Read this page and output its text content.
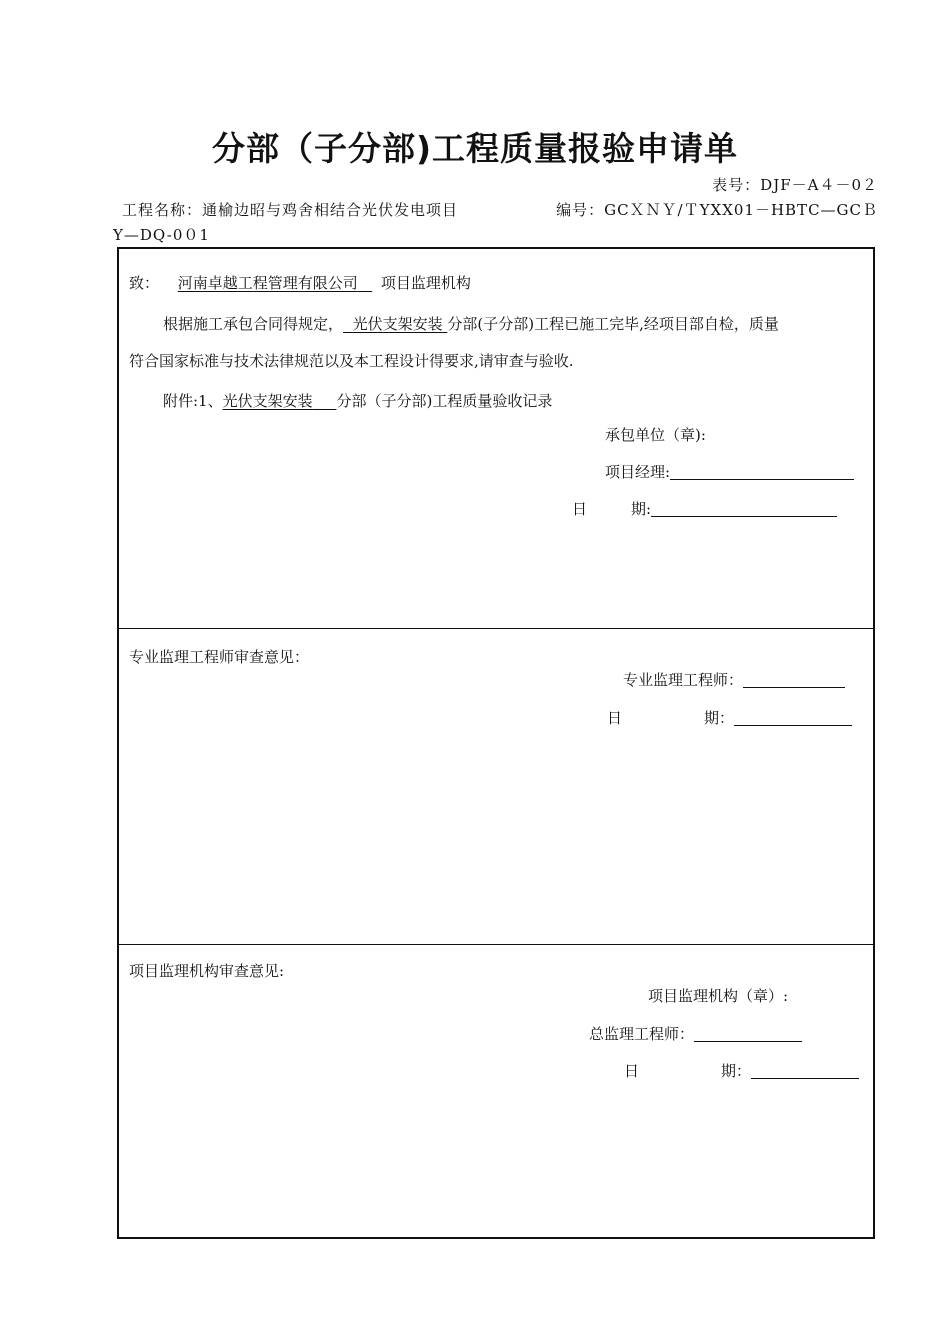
分部（子分部)工程质量报验申请单
表号：DJF－A４－0２
工程名称：通榆边昭与鸡舍相结合光伏发电项目	编号：GCＸＮＹ/ＴYXX01－HBTC—GCＢ
Y—DQ-0０1
致： 河南卓越工程管理有限公司 项目监理机构
根据施工承包合同得规定， 光伏支架安装 分部(子分部)工程已施工完毕,经项目部自检，质量
符合国家标准与技术法律规范以及本工程设计得要求,请审查与验收.
附件:1、光伏支架安装 分部（子分部)工程质量验收记录
承包单位（章):
项目经理:
日	期:
专业监理工程师审查意见：
专业监理工程师：
日	期：
项目监理机构审查意见:
项目监理机构（章）:
总监理工程师：
日	期：
